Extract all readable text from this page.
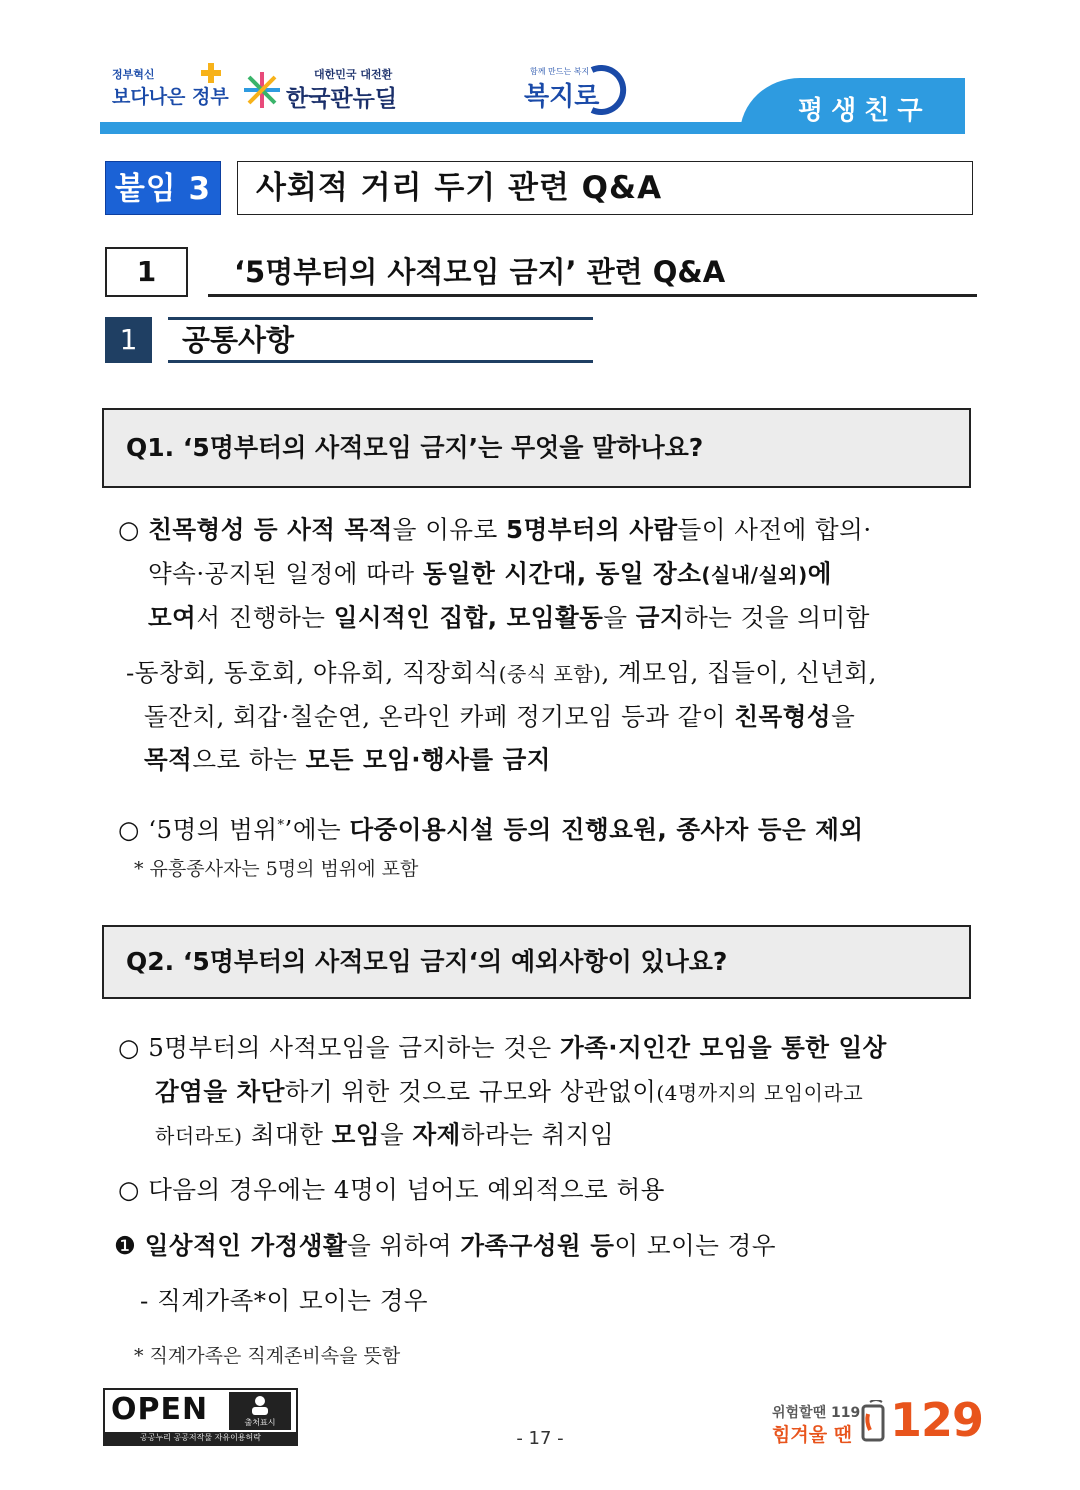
정부혁신
보다나은 정부
대한민국 대전환
한국판뉴딜
함께 만드는 복지
복지로	평생친구
붙임 3	사회적 거리 두기 관련 Q&A
1	‘5명부터의 사적모임 금지’ 관련 Q&A
1	공통사항
Q1. ‘5명부터의 사적모임 금지’는 무엇을 말하나요?
○ 친목형성 등 사적 목적을 이유로 5명부터의 사람들이 사전에 합의·
약속·공지된 일정에 따라 동일한 시간대, 동일 장소(실내/실외)에
모여서 진행하는 일시적인 집합, 모임활동을 금지하는 것을 의미함
-동창회, 동호회, 야유회, 직장회식(중식 포함), 계모임, 집들이, 신년회,
돌잔치, 회갑·칠순연, 온라인 카페 정기모임 등과 같이 친목형성을
목적으로 하는 모든 모임·행사를 금지
○ ‘5명의 범위*’에는 다중이용시설 등의 진행요원, 종사자 등은 제외
* 유흥종사자는 5명의 범위에 포함
Q2. ‘5명부터의 사적모임 금지‘의 예외사항이 있나요?
○ 5명부터의 사적모임을 금지하는 것은 가족·지인간 모임을 통한 일상
감염을 차단하기 위한 것으로 규모와 상관없이(4명까지의 모임이라고
하더라도) 최대한 모임을 자제하라는 취지임
○ 다음의 경우에는 4명이 넘어도 예외적으로 허용
❶ 일상적인 가정생활을 위하여 가족구성원 등이 모이는 경우
- 직계가족*이 모이는 경우
* 직계가족은 직계존비속을 뜻함
OPEN	출처표시
공공누리 공공저작물 자유이용허락	- 17 -
위험할땐 119
힘겨울 땐 129
